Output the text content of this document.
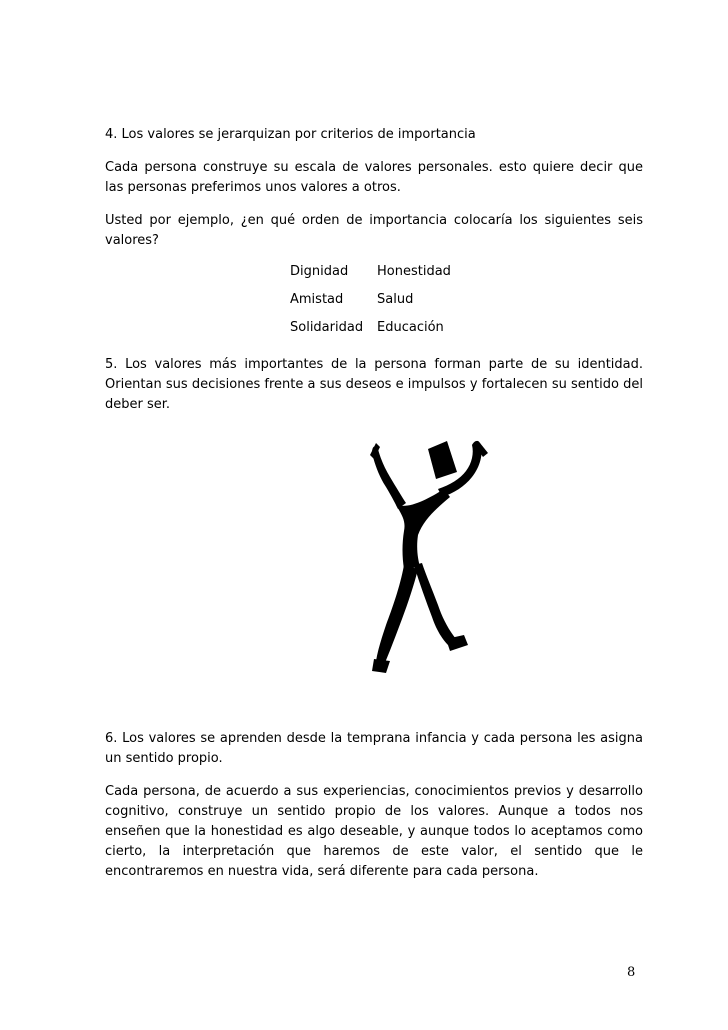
4. Los valores se jerarquizan por criterios de importancia

Cada persona construye su escala de valores personales. esto quiere decir que las personas preferimos unos valores a otros.

Usted por ejemplo, ¿en qué orden de importancia colocaría los siguientes seis valores?

Dignidad	Honestidad
Amistad	Salud
Solidaridad	Educación

5. Los valores más importantes de la persona forman parte de su identidad. Orientan sus decisiones frente a sus deseos e impulsos y fortalecen su sentido del deber ser.

6. Los valores se aprenden desde la temprana infancia y cada persona les asigna un sentido propio.

Cada persona, de acuerdo a sus experiencias, conocimientos previos y desarrollo cognitivo, construye un sentido propio de los valores. Aunque a todos nos enseñen que la honestidad es algo deseable, y aunque todos lo aceptamos como cierto, la interpretación que haremos de este valor, el sentido que le encontraremos en nuestra vida, será diferente para cada persona.

8
